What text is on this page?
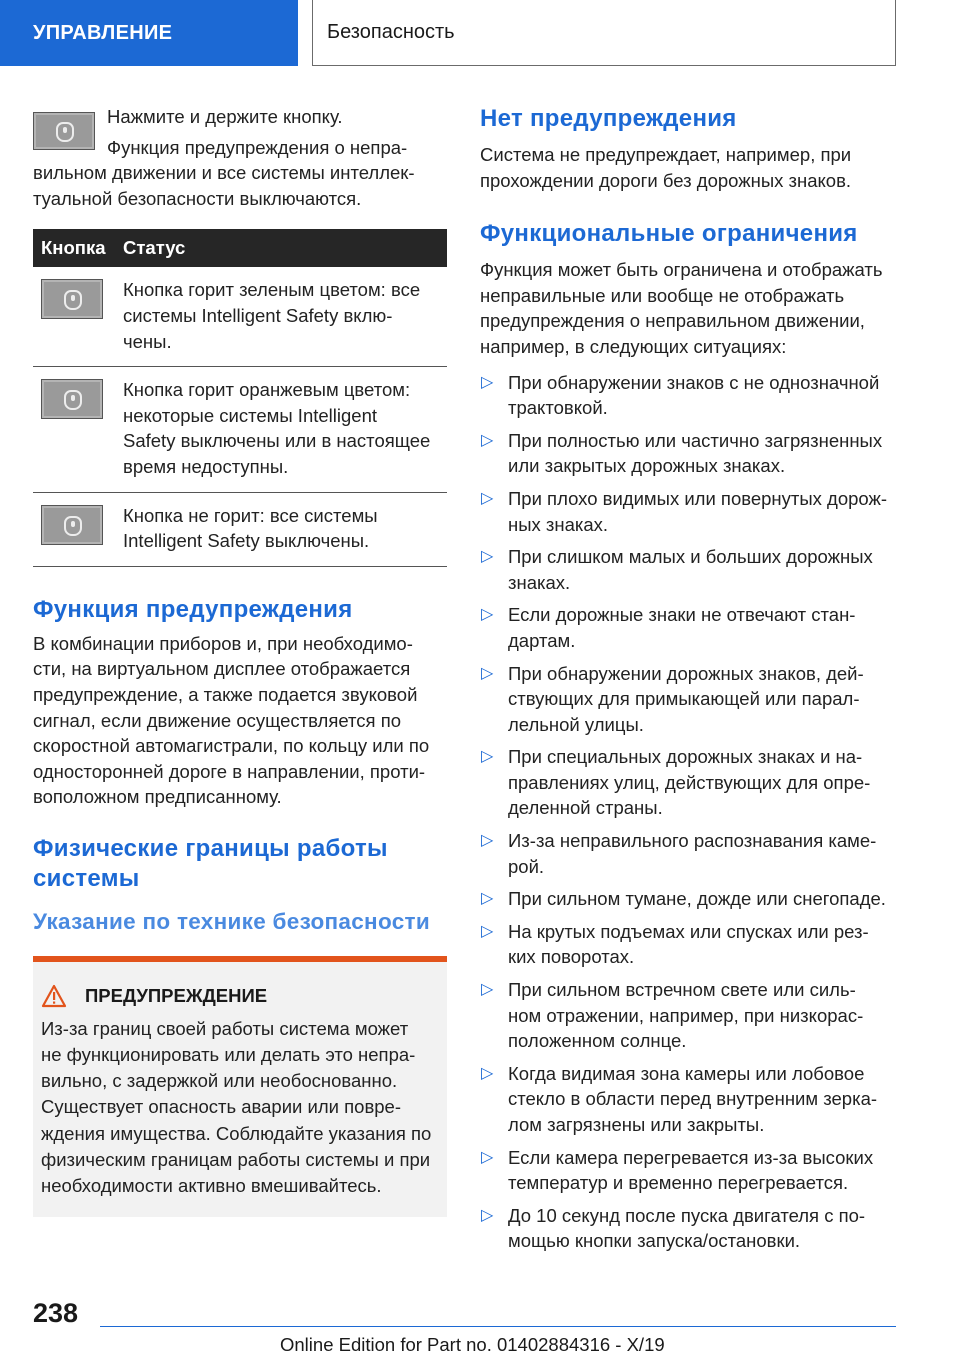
УПРАВЛЕНИЕ	Безопасность
Нажмите и держите кнопку.
Функция предупреждения о непра-
вильном движении и все системы интеллек-
туальной безопасности выключаются.
Кнопка Статус
Кнопка горит зеленым цветом: все
системы Intelligent Safety вклю-
чены.
Кнопка горит оранжевым цветом:
некоторые системы Intelligent
Safety выключены или в настоящее
время недоступны.
Кнопка не горит: все системы
Intelligent Safety выключены.
Функция предупреждения
В комбинации приборов и, при необходимо-
сти, на виртуальном дисплее отображается
предупреждение, а также подается звуковой
сигнал, если движение осуществляется по
скоростной автомагистрали, по кольцу или по
односторонней дороге в направлении, проти-
воположном предписанному.
Физические границы работы
системы
Указание по технике безопасности
ПРЕДУПРЕЖДЕНИЕ
Из-за границ своей работы система может
не функционировать или делать это непра-
вильно, с задержкой или необоснованно.
Существует опасность аварии или повре-
ждения имущества. Соблюдайте указания по
физическим границам работы системы и при
необходимости активно вмешивайтесь.
Нет предупреждения
Система не предупреждает, например, при
прохождении дороги без дорожных знаков.
Функциональные ограничения
Функция может быть ограничена и отображать
неправильные или вообще не отображать
предупреждения о неправильном движении,
например, в следующих ситуациях:
▷ При обнаружении знаков с не однозначной
трактовкой.
▷ При полностью или частично загрязненных
или закрытых дорожных знаках.
▷ При плохо видимых или повернутых дорож-
ных знаках.
▷ При слишком малых и больших дорожных
знаках.
▷ Если дорожные знаки не отвечают стан-
дартам.
▷ При обнаружении дорожных знаков, дей-
ствующих для примыкающей или парал-
лельной улицы.
▷ При специальных дорожных знаках и на-
правлениях улиц, действующих для опре-
деленной страны.
▷ Из-за неправильного распознавания каме-
рой.
▷ При сильном тумане, дожде или снегопаде.
▷ На крутых подъемах или спусках или рез-
ких поворотах.
▷ При сильном встречном свете или силь-
ном отражении, например, при низкорас-
положенном солнце.
▷ Когда видимая зона камеры или лобовое
стекло в области перед внутренним зерка-
лом загрязнены или закрыты.
▷ Если камера перегревается из-за высоких
температур и временно перегревается.
▷ До 10 секунд после пуска двигателя с по-
мощью кнопки запуска/остановки.
238
Online Edition for Part no. 01402884316 - X/19
